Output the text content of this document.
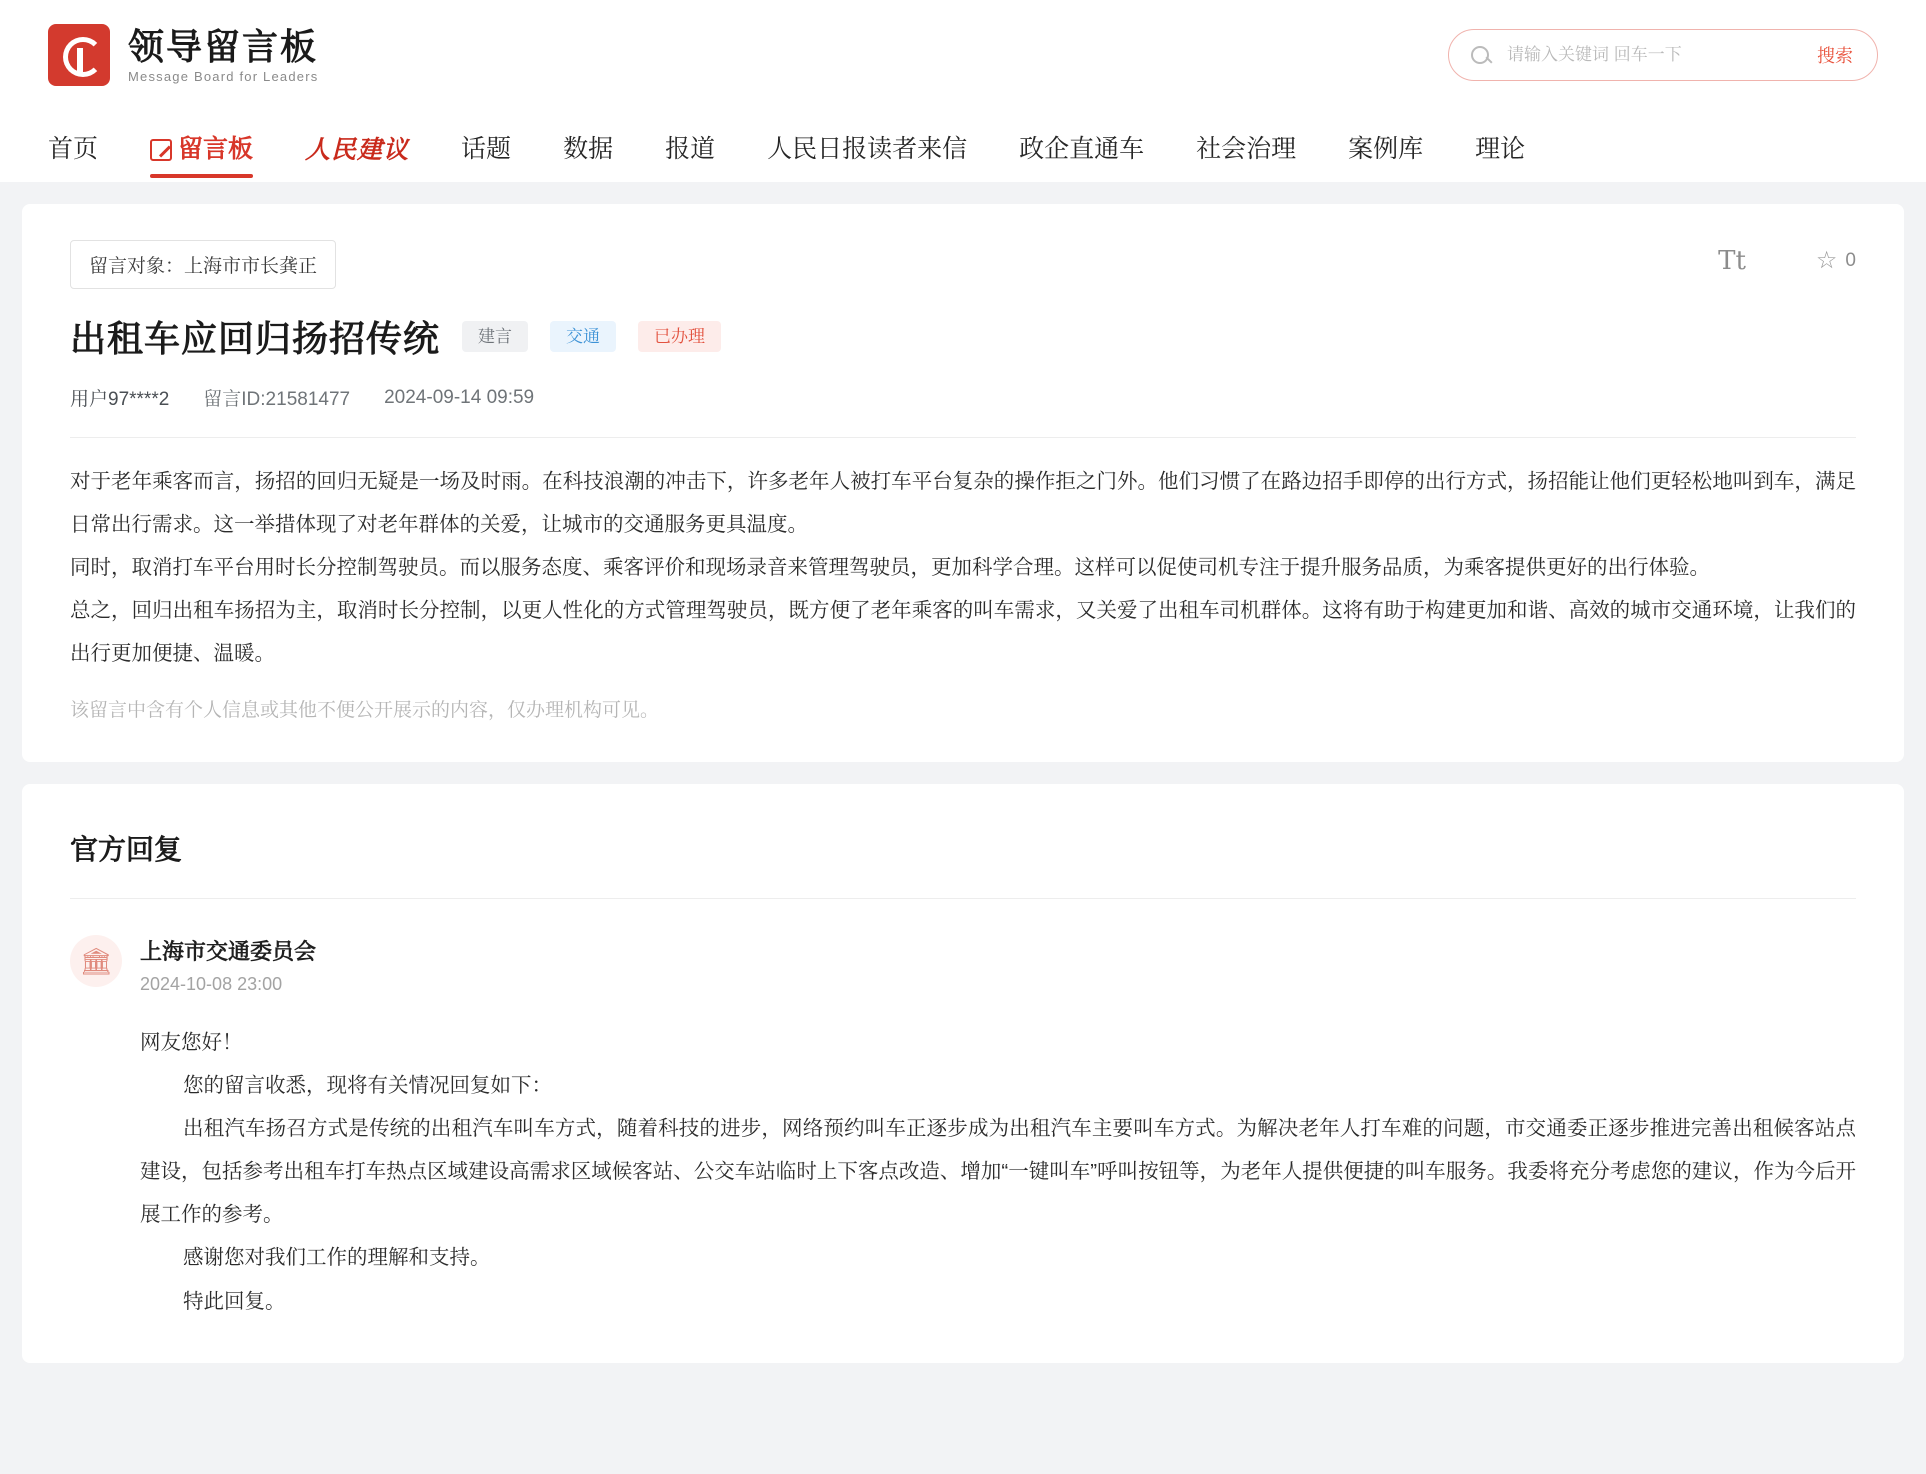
领导留言板
Message Board for Leaders
请输入关键词 回车一下
搜索
首页	留言板	人民建议	话题	数据	报道	人民日报读者来信	政企直通车	社会治理	案例库	理论
留言对象：上海市市长龚正	Tt	☆ 0
出租车应回归扬招传统	建言	交通	已办理
用户97****2 留言ID:21581477 2024-09-14 09:59

对于老年乘客而言，扬招的回归无疑是一场及时雨。在科技浪潮的冲击下，许多老年人被打车平台复杂的操作拒之门外。他们习惯了在路边招手即停的出行方式，扬招能让他们更轻松地叫到车，满足日常出行需求。这一举措体现了对老年群体的关爱，让城市的交通服务更具温度。

同时，取消打车平台用时长分控制驾驶员。而以服务态度、乘客评价和现场录音来管理驾驶员，更加科学合理。这样可以促使司机专注于提升服务品质，为乘客提供更好的出行体验。

总之，回归出租车扬招为主，取消时长分控制，以更人性化的方式管理驾驶员，既方便了老年乘客的叫车需求，又关爱了出租车司机群体。这将有助于构建更加和谐、高效的城市交通环境，让我们的出行更加便捷、温暖。

该留言中含有个人信息或其他不便公开展示的内容，仅办理机构可见。
官方回复
🏛 上海市交通委员会
2024-10-08 23:00

网友您好！

您的留言收悉，现将有关情况回复如下：

出租汽车扬召方式是传统的出租汽车叫车方式，随着科技的进步，网络预约叫车正逐步成为出租汽车主要叫车方式。为解决老年人打车难的问题，市交通委正逐步推进完善出租候客站点建设，包括参考出租车打车热点区域建设高需求区域候客站、公交车站临时上下客点改造、增加“一键叫车”呼叫按钮等，为老年人提供便捷的叫车服务。我委将充分考虑您的建议，作为今后开展工作的参考。

感谢您对我们工作的理解和支持。

特此回复。
